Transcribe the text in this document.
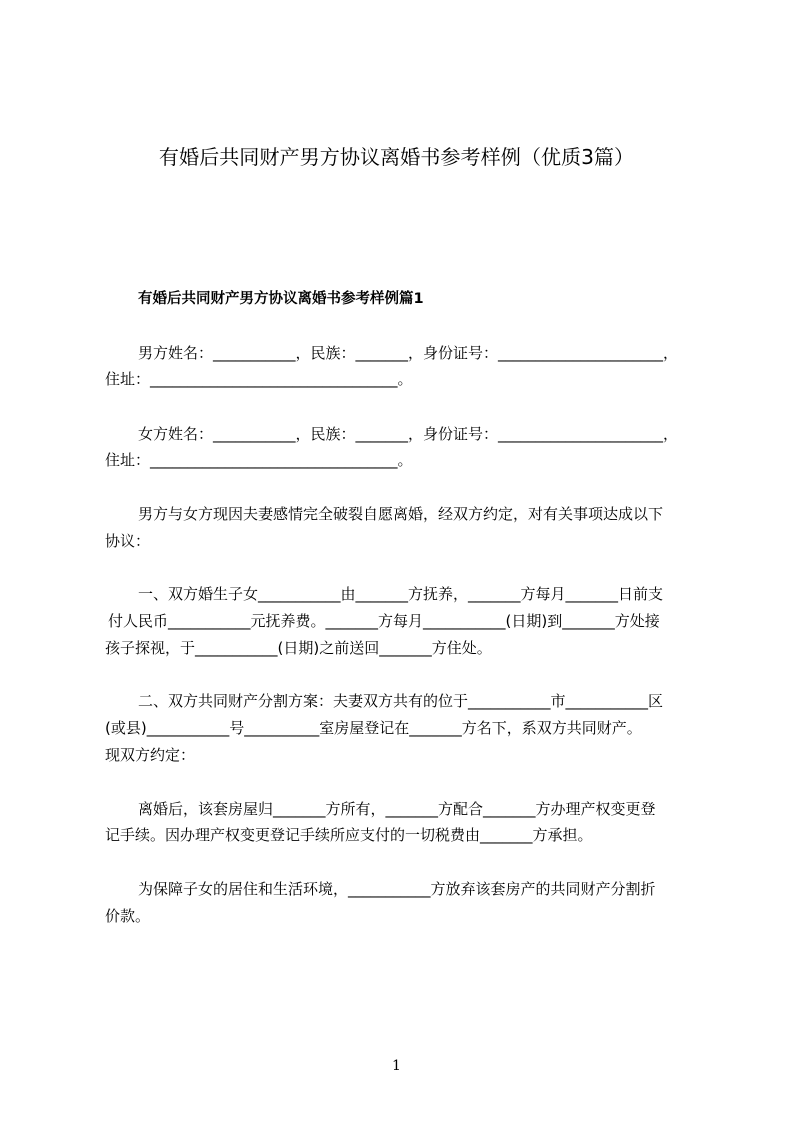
有婚后共同财产男方协议离婚书参考样例（优质3篇）
有婚后共同财产男方协议离婚书参考样例篇1

男方姓名：___________，民族：_______，身份证号：______________________，

住址：_________________________________。

女方姓名：___________，民族：_______，身份证号：______________________，

住址：_________________________________。

男方与女方现因夫妻感情完全破裂自愿离婚，经双方约定，对有关事项达成以下

协议：

一、双方婚生子女___________由_______方抚养，_______方每月_______日前支

付人民币___________元抚养费。_______方每月___________(日期)到_______方处接

孩子探视，于___________(日期)之前送回_______方住处。

二、双方共同财产分割方案：夫妻双方共有的位于___________市___________区

(或县)___________号__________室房屋登记在_______方名下，系双方共同财产。

现双方约定：

离婚后，该套房屋归_______方所有，_______方配合_______方办理产权变更登

记手续。因办理产权变更登记手续所应支付的一切税费由_______方承担。

为保障子女的居住和生活环境，___________方放弃该套房产的共同财产分割折

价款。

1
